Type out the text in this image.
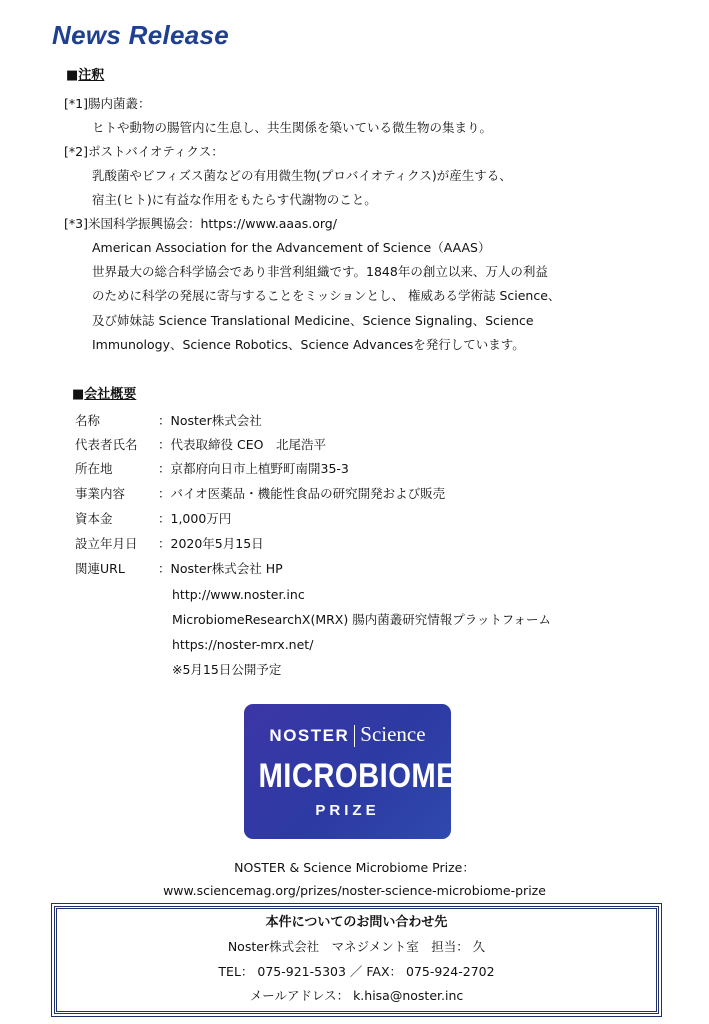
News Release
■注釈
[*1]腸内菌叢：
ヒトや動物の腸管内に生息し、共生関係を築いている微生物の集まり。
[*2]ポストバイオティクス：
乳酸菌やビフィズス菌などの有用微生物(プロバイオティクス)が産生する、
宿主(ヒト)に有益な作用をもたらす代謝物のこと。
[*3]米国科学振興協会：https://www.aaas.org/
American Association for the Advancement of Science（AAAS）
世界最大の総合科学協会であり非営利組織です。1848年の創立以来、万人の利益
のために科学の発展に寄与することをミッションとし、 権威ある学術誌 Science、
及び姉妹誌 Science Translational Medicine、Science Signaling、Science
Immunology、Science Robotics、Science Advancesを発行しています。
■会社概要
名称	：Noster株式会社
代表者氏名 ：代表取締役 CEO　北尾浩平
所在地	：京都府向日市上植野町南開35-3
事業内容	：バイオ医薬品・機能性食品の研究開発および販売
資本金	：1,000万円
設立年月日 ：2020年5月15日
関連URL	：Noster株式会社 HP
http://www.noster.inc
MicrobiomeResearchX(MRX) 腸内菌叢研究情報プラットフォーム
https://noster-mrx.net/
※5月15日公開予定
NOSTER Science
MICROBIOME
PRIZE
NOSTER & Science Microbiome Prize：
www.sciencemag.org/prizes/noster-science-microbiome-prize
本件についてのお問い合わせ先
Noster株式会社　マネジメント室　担当： 久
TEL： 075-921-5303 ／ FAX： 075-924-2702
メールアドレス： k.hisa@noster.inc
